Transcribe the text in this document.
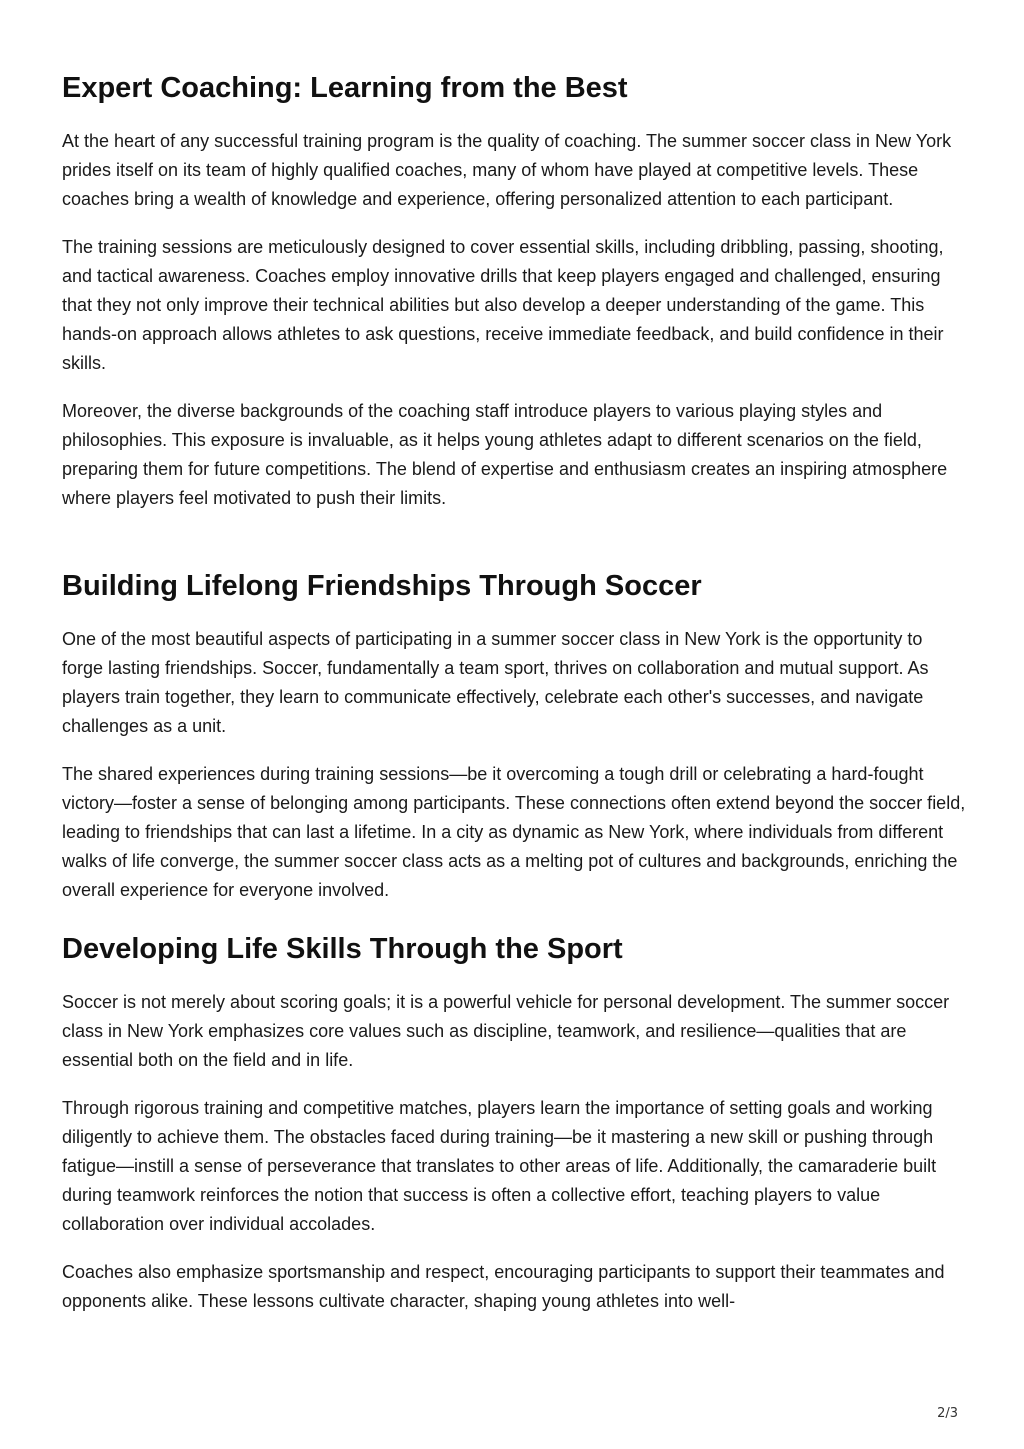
Expert Coaching: Learning from the Best

At the heart of any successful training program is the quality of coaching. The summer soccer class in New York prides itself on its team of highly qualified coaches, many of whom have played at competitive levels. These coaches bring a wealth of knowledge and experience, offering personalized attention to each participant.

The training sessions are meticulously designed to cover essential skills, including dribbling, passing, shooting, and tactical awareness. Coaches employ innovative drills that keep players engaged and challenged, ensuring that they not only improve their technical abilities but also develop a deeper understanding of the game. This hands-on approach allows athletes to ask questions, receive immediate feedback, and build confidence in their skills.

Moreover, the diverse backgrounds of the coaching staff introduce players to various playing styles and philosophies. This exposure is invaluable, as it helps young athletes adapt to different scenarios on the field, preparing them for future competitions. The blend of expertise and enthusiasm creates an inspiring atmosphere where players feel motivated to push their limits.

Building Lifelong Friendships Through Soccer

One of the most beautiful aspects of participating in a summer soccer class in New York is the opportunity to forge lasting friendships. Soccer, fundamentally a team sport, thrives on collaboration and mutual support. As players train together, they learn to communicate effectively, celebrate each other's successes, and navigate challenges as a unit.

The shared experiences during training sessions—be it overcoming a tough drill or celebrating a hard-fought victory—foster a sense of belonging among participants. These connections often extend beyond the soccer field, leading to friendships that can last a lifetime. In a city as dynamic as New York, where individuals from different walks of life converge, the summer soccer class acts as a melting pot of cultures and backgrounds, enriching the overall experience for everyone involved.

Developing Life Skills Through the Sport

Soccer is not merely about scoring goals; it is a powerful vehicle for personal development. The summer soccer class in New York emphasizes core values such as discipline, teamwork, and resilience—qualities that are essential both on the field and in life.

Through rigorous training and competitive matches, players learn the importance of setting goals and working diligently to achieve them. The obstacles faced during training—be it mastering a new skill or pushing through fatigue—instill a sense of perseverance that translates to other areas of life. Additionally, the camaraderie built during teamwork reinforces the notion that success is often a collective effort, teaching players to value collaboration over individual accolades.

Coaches also emphasize sportsmanship and respect, encouraging participants to support their teammates and opponents alike. These lessons cultivate character, shaping young athletes into well-

2/3
